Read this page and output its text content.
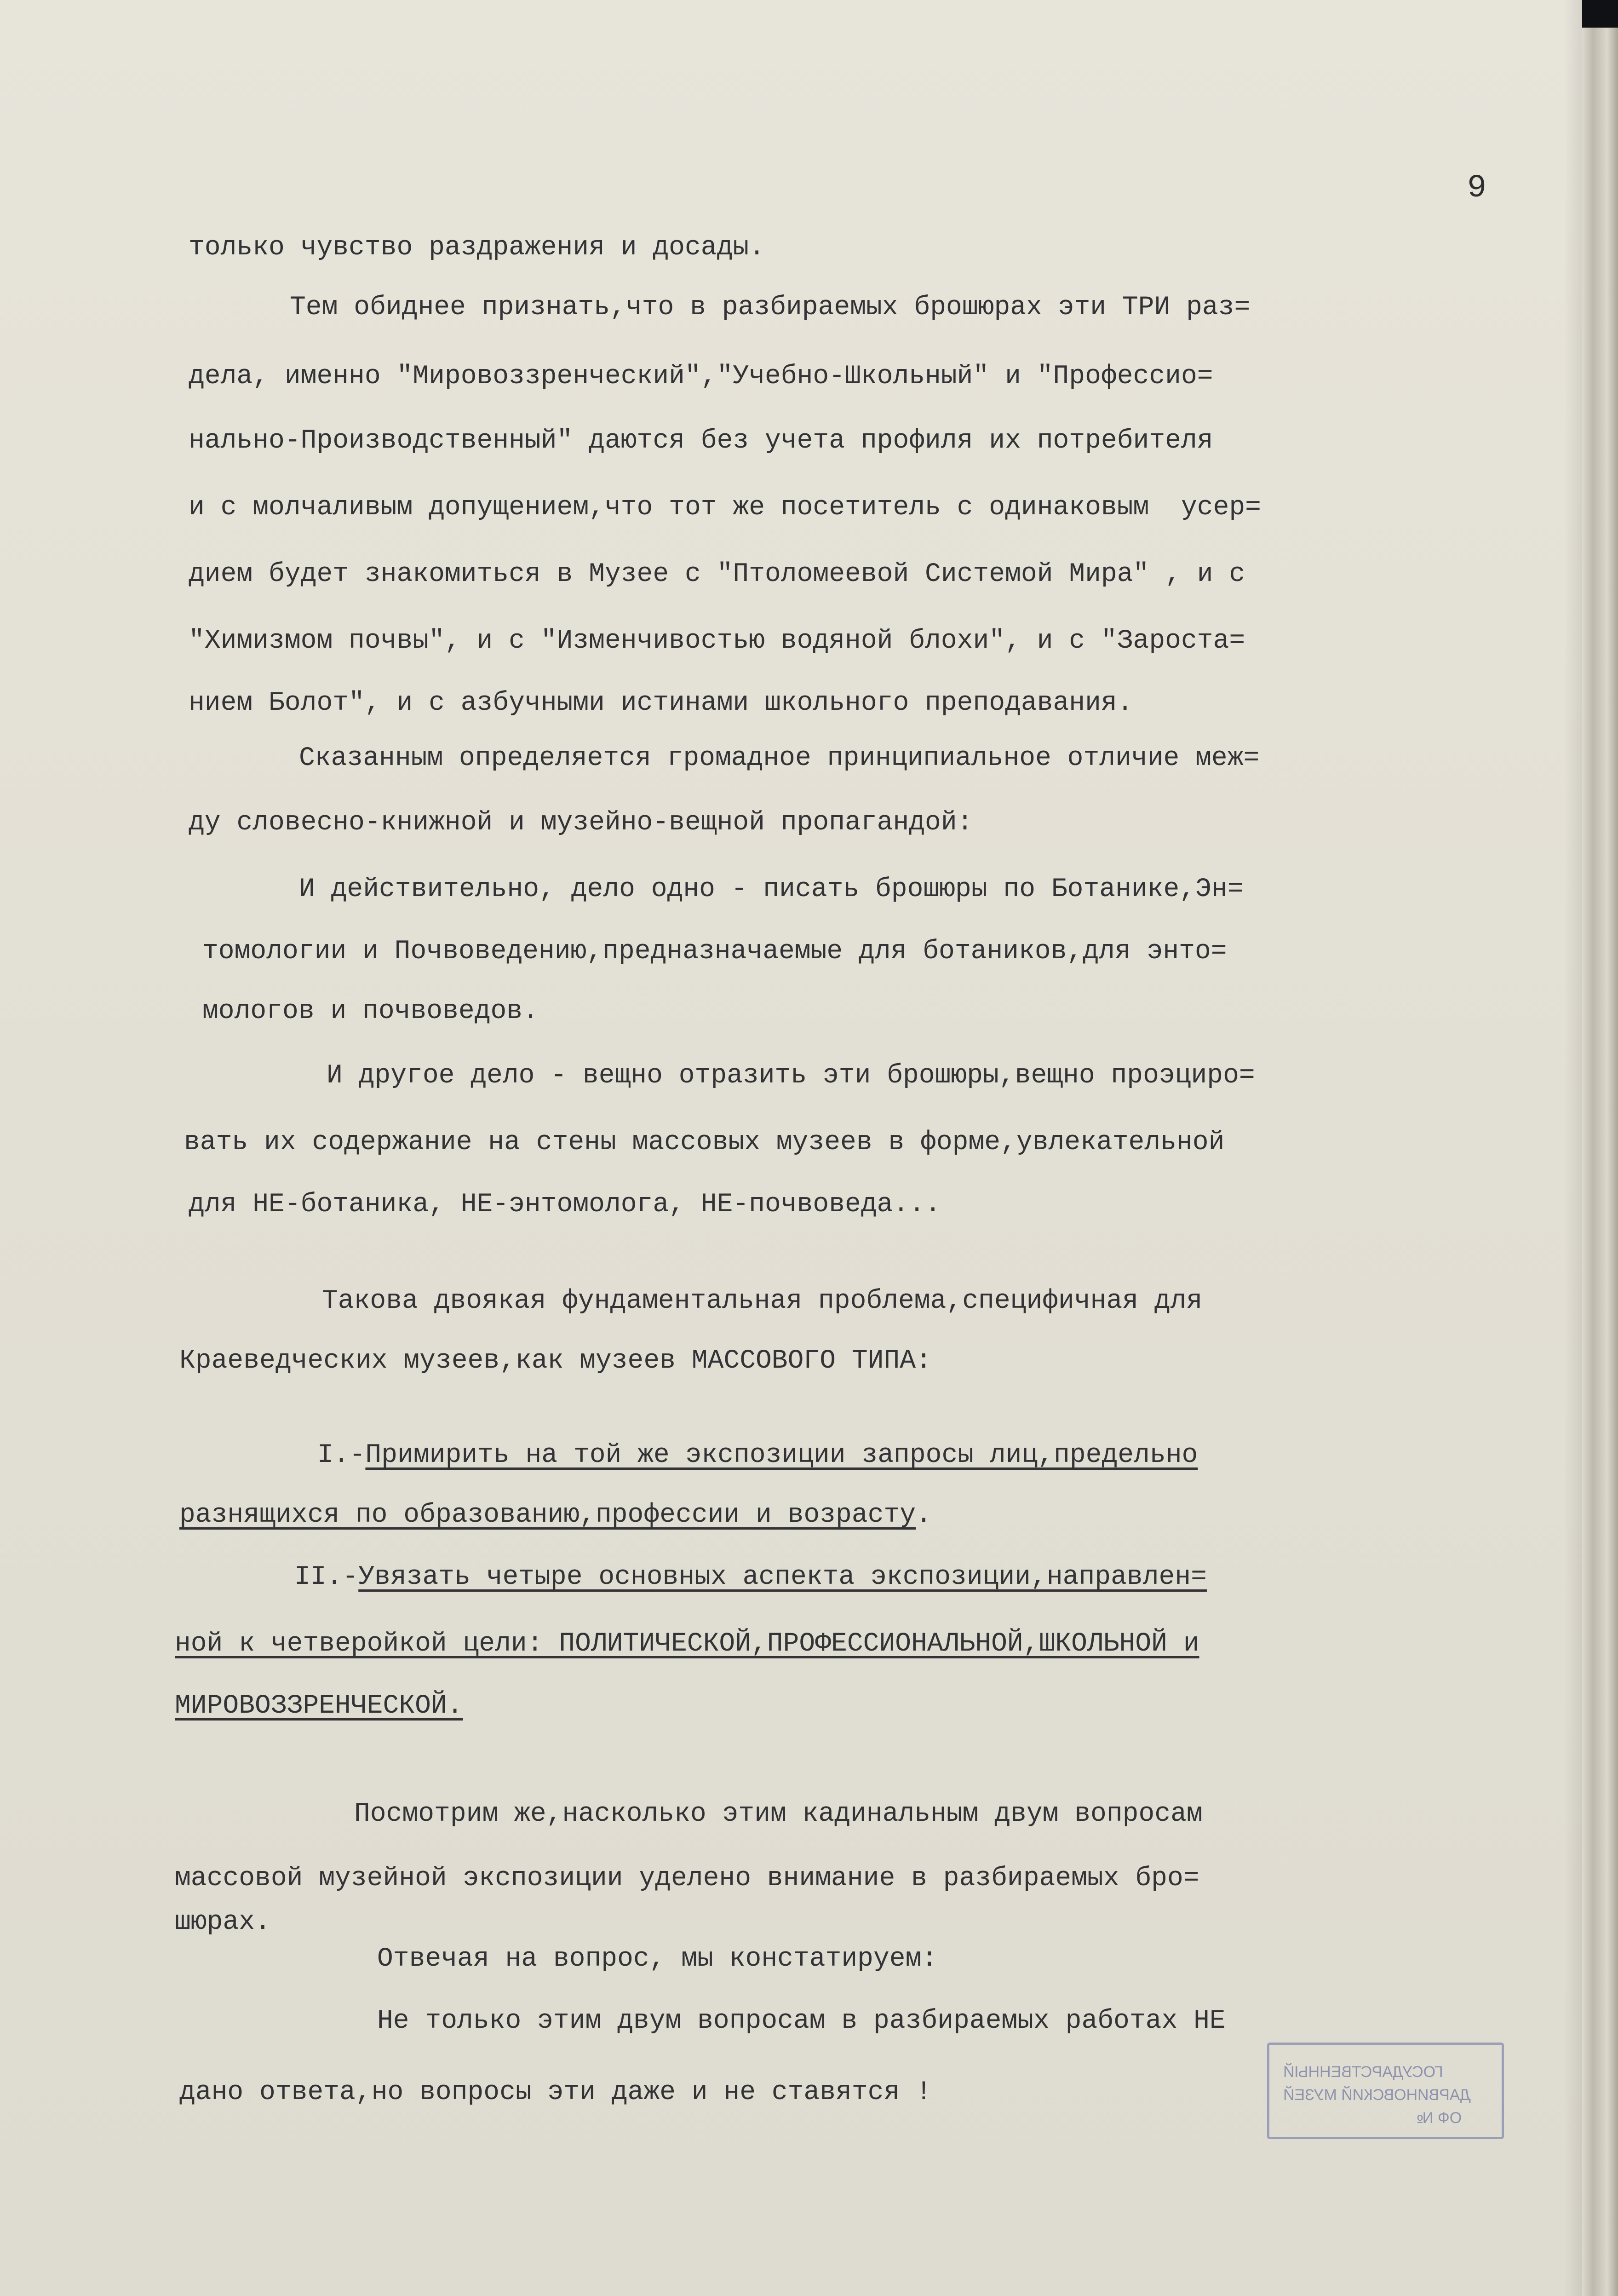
9
только чувство раздражения и досады.
Тем обиднее признать,что в разбираемых брошюрах эти ТРИ раз=
дела, именно "Мировоззренческий","Учебно-Школьный" и "Профессио=
нально-Производственный" даются без учета профиля их потребителя
и с молчаливым допущением,что тот же посетитель с одинаковым  усер=
дием будет знакомиться в Музее с "Птоломеевой Системой Мира" , и с
"Химизмом почвы", и с "Изменчивостью водяной блохи", и с "Зароста=
нием Болот", и с азбучными истинами школьного преподавания.
Сказанным определяется громадное принципиальное отличие меж=
ду словесно-книжной и музейно-вещной пропагандой:
И действительно, дело одно - писать брошюры по Ботанике,Эн=
томологии и Почвоведению,предназначаемые для ботаников,для энто=
мологов и почвоведов.
И другое дело - вещно отразить эти брошюры,вещно проэциро=
вать их содержание на стены массовых музеев в форме,увлекательной
для НЕ-ботаника, НЕ-энтомолога, НЕ-почвоведа...
Такова двоякая фундаментальная проблема,специфичная для
Краеведческих музеев,как музеев МАССОВОГО ТИПА:
I.-Примирить на той же экспозиции запросы лиц,предельно
разнящихся по образованию,профессии и возрасту.
II.-Увязать четыре основных аспекта экспозиции,направлен=
ной к четверойкой цели: ПОЛИТИЧЕСКОЙ,ПРОФЕССИОНАЛЬНОЙ,ШКОЛЬНОЙ и
МИРОВОЗЗРЕНЧЕСКОЙ.
Посмотрим же,насколько этим кадинальным двум вопросам
массовой музейной экспозиции уделено внимание в разбираемых бро=
шюрах.
Отвечая на вопрос, мы констатируем:
Не только этим двум вопросам в разбираемых работах НЕ
дано ответа,но вопросы эти даже и не ставятся !
ГОСУДАРСТВЕННЫЙ
ДАРВИНОВСКИЙ МУЗЕЙ
ОФ №
